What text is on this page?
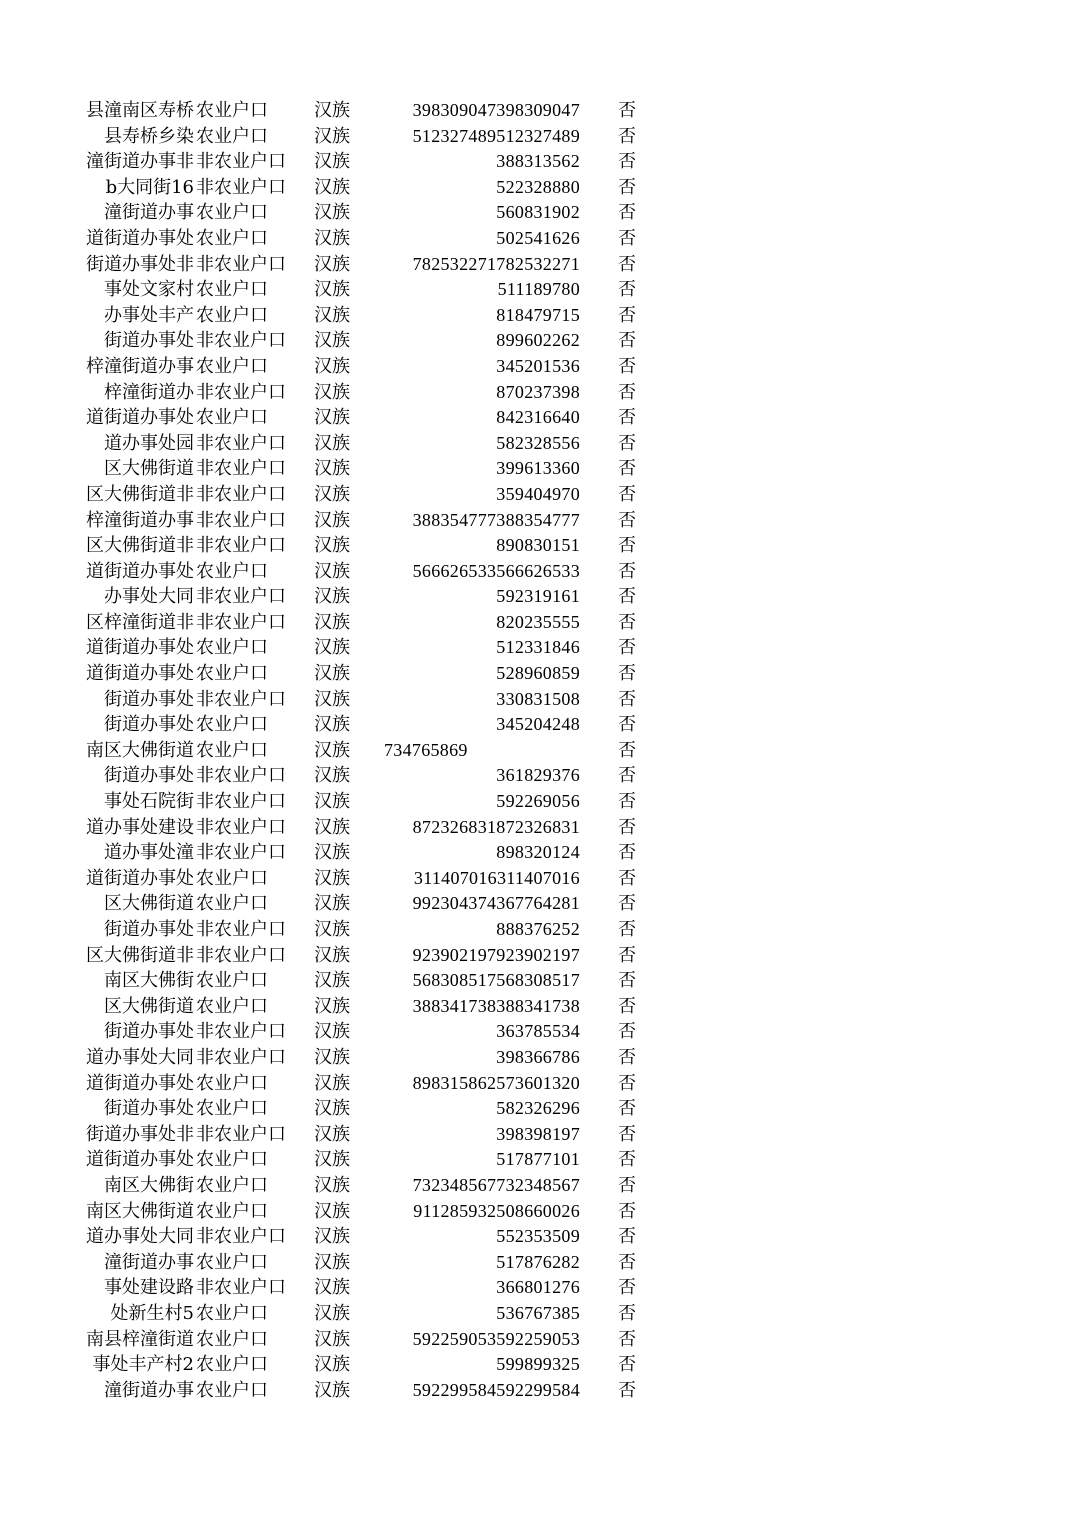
县潼南区寿桥 农业户口	汉族	398309047398309047 否
县寿桥乡染 农业户口	汉族	512327489512327489 否
潼街道办事非 非农业户口	汉族	388313562 否
b大同街16 非农业户口	汉族	522328880 否
潼街道办事 农业户口	汉族	560831902 否
道街道办事处 农业户口	汉族	502541626 否
街道办事处非 非农业户口	汉族	782532271782532271 否
事处文家村 农业户口	汉族	511189780 否
办事处丰产 农业户口	汉族	818479715 否
街道办事处 非农业户口	汉族	899602262 否
梓潼街道办事 农业户口	汉族	345201536 否
梓潼街道办 非农业户口	汉族	870237398 否
道街道办事处 农业户口	汉族	842316640 否
道办事处园 非农业户口	汉族	582328556 否
区大佛街道 非农业户口	汉族	399613360 否
区大佛街道非 非农业户口	汉族	359404970 否
梓潼街道办事 非农业户口	汉族	388354777388354777 否
区大佛街道非 非农业户口	汉族	890830151 否
道街道办事处 农业户口	汉族	566626533566626533 否
办事处大同 非农业户口	汉族	592319161 否
区梓潼街道非 非农业户口	汉族	820235555 否
道街道办事处 农业户口	汉族	512331846 否
道街道办事处 农业户口	汉族	528960859 否
街道办事处 非农业户口	汉族	330831508 否
街道办事处 农业户口	汉族	345204248 否
南区大佛街道 农业户口	汉族	734765869	否
街道办事处 非农业户口	汉族	361829376 否
事处石院街 非农业户口	汉族	592269056 否
道办事处建设 非农业户口	汉族	872326831872326831 否
道办事处潼 非农业户口	汉族	898320124 否
道街道办事处 农业户口	汉族	311407016311407016 否
区大佛街道 农业户口	汉族	992304374367764281 否
街道办事处 非农业户口	汉族	888376252 否
区大佛街道非 非农业户口	汉族	923902197923902197 否
南区大佛街 农业户口	汉族	568308517568308517 否
区大佛街道 农业户口	汉族	388341738388341738 否
街道办事处 非农业户口	汉族	363785534 否
道办事处大同 非农业户口	汉族	398366786 否
道街道办事处 农业户口	汉族	898315862573601320 否
街道办事处 农业户口	汉族	582326296 否
街道办事处非 非农业户口	汉族	398398197 否
道街道办事处 农业户口	汉族	517877101 否
南区大佛街 农业户口	汉族	732348567732348567 否
南区大佛街道 农业户口	汉族	911285932508660026 否
道办事处大同 非农业户口	汉族	552353509 否
潼街道办事 农业户口	汉族	517876282 否
事处建设路 非农业户口	汉族	366801276 否
处新生村5 农业户口	汉族	536767385 否
南县梓潼街道 农业户口	汉族	592259053592259053 否
事处丰产村2 农业户口	汉族	599899325 否
潼街道办事 农业户口	汉族	592299584592299584 否
